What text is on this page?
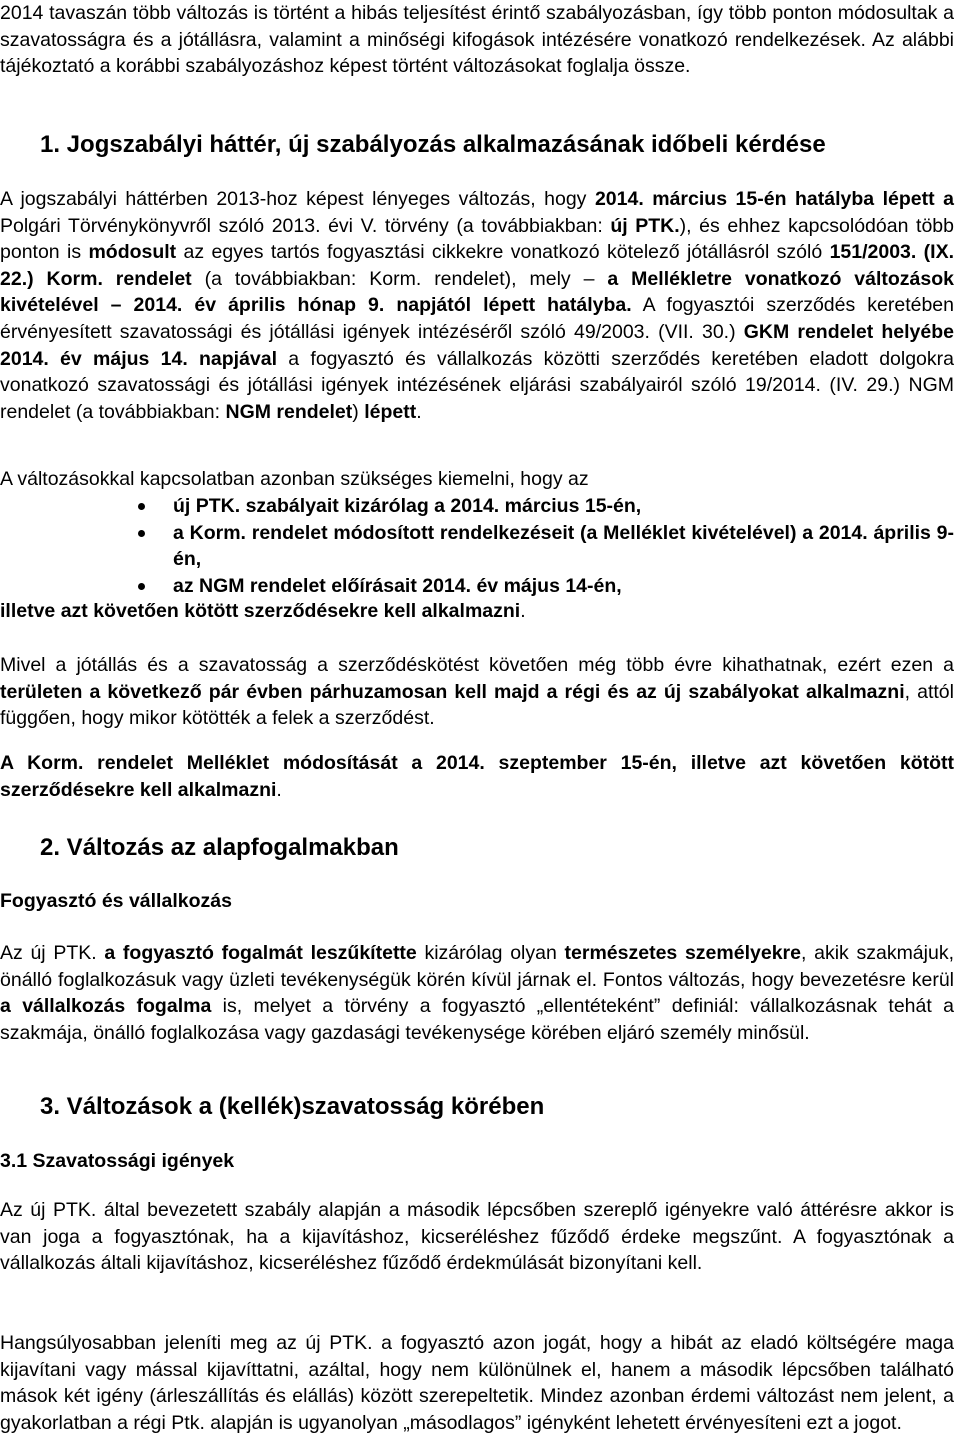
2014 tavaszán több változás is történt a hibás teljesítést érintő szabályozásban, így több ponton módosultak a szavatosságra és a jótállásra, valamint a minőségi kifogások intézésére vonatkozó rendelkezések. Az alábbi tájékoztató a korábbi szabályozáshoz képest történt változásokat foglalja össze.

1. Jogszabályi háttér, új szabályozás alkalmazásának időbeli kérdése

A jogszabályi háttérben 2013-hoz képest lényeges változás, hogy 2014. március 15-én hatályba lépett a Polgári Törvénykönyvről szóló 2013. évi V. törvény (a továbbiakban: új PTK.), és ehhez kapcsolódóan több ponton is módosult az egyes tartós fogyasztási cikkekre vonatkozó kötelező jótállásról szóló 151/2003. (IX. 22.) Korm. rendelet (a továbbiakban: Korm. rendelet), mely – a Mellékletre vonatkozó változások kivételével – 2014. év április hónap 9. napjától lépett hatályba. A fogyasztói szerződés keretében érvényesített szavatossági és jótállási igények intézéséről szóló 49/2003. (VII. 30.) GKM rendelet helyébe 2014. év május 14. napjával a fogyasztó és vállalkozás közötti szerződés keretében eladott dolgokra vonatkozó szavatossági és jótállási igények intézésének eljárási szabályairól szóló 19/2014. (IV. 29.) NGM rendelet (a továbbiakban: NGM rendelet) lépett.

A változásokkal kapcsolatban azonban szükséges kiemelni, hogy az

új PTK. szabályait kizárólag a 2014. március 15-én,
a Korm. rendelet módosított rendelkezéseit (a Melléklet kivételével) a 2014. április 9-én,
az NGM rendelet előírásait 2014. év május 14-én,

illetve azt követően kötött szerződésekre kell alkalmazni.

Mivel a jótállás és a szavatosság a szerződéskötést követően még több évre kihathatnak, ezért ezen a területen a következő pár évben párhuzamosan kell majd a régi és az új szabályokat alkalmazni, attól függően, hogy mikor kötötték a felek a szerződést.

A Korm. rendelet Melléklet módosítását a 2014. szeptember 15-én, illetve azt követően kötött szerződésekre kell alkalmazni.

2. Változás az alapfogalmakban
Fogyasztó és vállalkozás

Az új PTK. a fogyasztó fogalmát leszűkítette kizárólag olyan természetes személyekre, akik szakmájuk, önálló foglalkozásuk vagy üzleti tevékenységük körén kívül járnak el. Fontos változás, hogy bevezetésre kerül a vállalkozás fogalma is, melyet a törvény a fogyasztó „ellentéteként” definiál: vállalkozásnak tehát a szakmája, önálló foglalkozása vagy gazdasági tevékenysége körében eljáró személy minősül.

3. Változások a (kellék)szavatosság körében
3.1 Szavatossági igények

Az új PTK. által bevezetett szabály alapján a második lépcsőben szereplő igényekre való áttérésre akkor is van joga a fogyasztónak, ha a kijavításhoz, kicseréléshez fűződő érdeke megszűnt. A fogyasztónak a vállalkozás általi kijavításhoz, kicseréléshez fűződő érdekmúlását bizonyítani kell.

Hangsúlyosabban jeleníti meg az új PTK. a fogyasztó azon jogát, hogy a hibát az eladó költségére maga kijavítani vagy mással kijavíttatni, azáltal, hogy nem különülnek el, hanem a második lépcsőben található mások két igény (árleszállítás és elállás) között szerepeltetik. Mindez azonban érdemi változást nem jelent, a gyakorlatban a régi Ptk. alapján is ugyanolyan „másodlagos” igényként lehetett érvényesíteni ezt a jogot.
